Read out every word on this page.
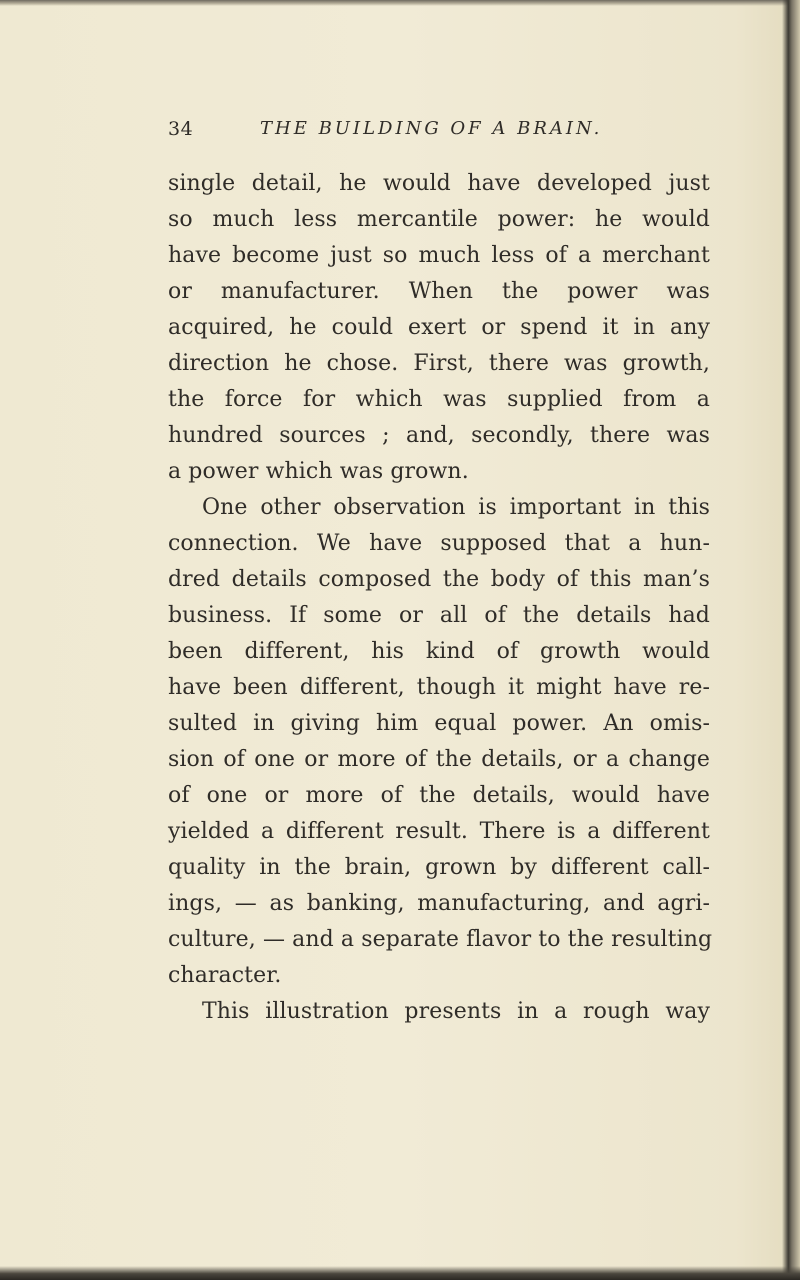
34	THE BUILDING OF A BRAIN.
single detail, he would have developed just
so much less mercantile power: he would
have become just so much less of a merchant
or manufacturer. When the power was
acquired, he could exert or spend it in any
direction he chose. First, there was growth,
the force for which was supplied from a
hundred sources ; and, secondly, there was
a power which was grown.
One other observation is important in this
connection. We have supposed that a hun-
dred details composed the body of this man’s
business. If some or all of the details had
been different, his kind of growth would
have been different, though it might have re-
sulted in giving him equal power. An omis-
sion of one or more of the details, or a change
of one or more of the details, would have
yielded a different result. There is a different
quality in the brain, grown by different call-
ings, — as banking, manufacturing, and agri-
culture, — and a separate flavor to the resulting
character.
This illustration presents in a rough way
